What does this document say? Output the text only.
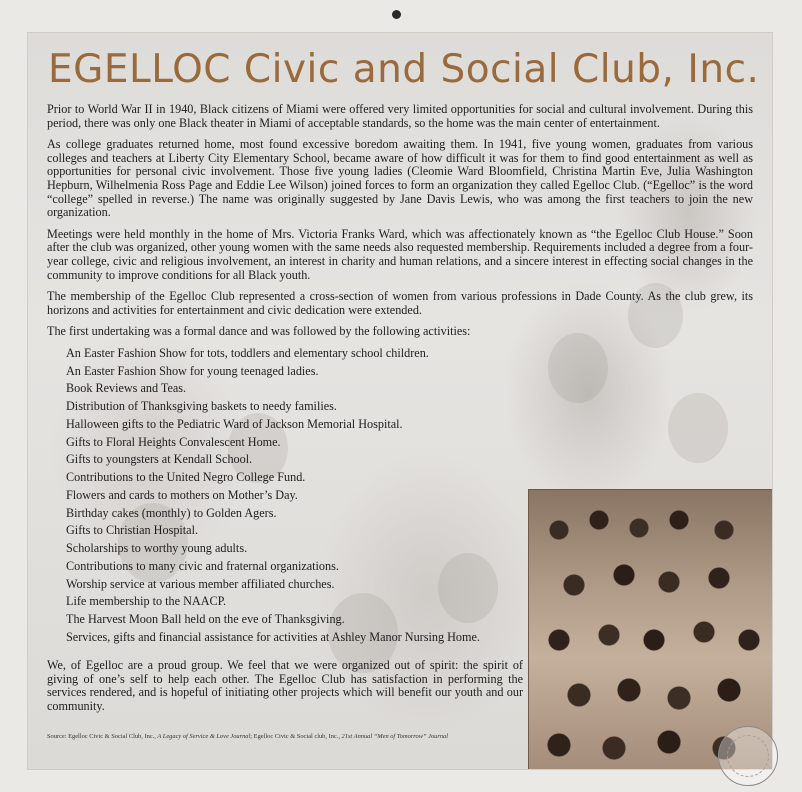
EGELLOC Civic and Social Club, Inc.

Prior to World War II in 1940, Black citizens of Miami were offered very limited opportunities for social and cultural involvement. During this period, there was only one Black theater in Miami of acceptable standards, so the home was the main center of entertainment.

As college graduates returned home, most found excessive boredom awaiting them. In 1941, five young women, graduates from various colleges and teachers at Liberty City Elementary School, became aware of how difficult it was for them to find good entertainment as well as opportunities for personal civic involvement. Those five young ladies (Cleomie Ward Bloomfield, Christina Martin Eve, Julia Washington Hepburn, Wilhelmenia Ross Page and Eddie Lee Wilson) joined forces to form an organization they called Egelloc Club. (“Egelloc” is the word “college” spelled in reverse.) The name was originally suggested by Jane Davis Lewis, who was among the first teachers to join the new organization.

Meetings were held monthly in the home of Mrs. Victoria Franks Ward, which was affectionately known as “the Egelloc Club House.” Soon after the club was organized, other young women with the same needs also requested membership. Requirements included a degree from a four-year college, civic and religious involvement, an interest in charity and human relations, and a sincere interest in effecting social changes in the community to improve conditions for all Black youth.

The membership of the Egelloc Club represented a cross-section of women from various professions in Dade County. As the club grew, its horizons and activities for entertainment and civic dedication were extended.

The first undertaking was a formal dance and was followed by the following activities:

An Easter Fashion Show for tots, toddlers and elementary school children.
An Easter Fashion Show for young teenaged ladies.
Book Reviews and Teas.
Distribution of Thanksgiving baskets to needy families.
Halloween gifts to the Pediatric Ward of Jackson Memorial Hospital.
Gifts to Floral Heights Convalescent Home.
Gifts to youngsters at Kendall School.
Contributions to the United Negro College Fund.
Flowers and cards to mothers on Mother’s Day.
Birthday cakes (monthly) to Golden Agers.
Gifts to Christian Hospital.
Scholarships to worthy young adults.
Contributions to many civic and fraternal organizations.
Worship service at various member affiliated churches.
Life membership to the NAACP.
The Harvest Moon Ball held on the eve of Thanksgiving.
Services, gifts and financial assistance for activities at Ashley Manor Nursing Home.

We, of Egelloc are a proud group. We feel that we were organized out of spirit: the spirit of giving of one’s self to help each other. The Egelloc Club has satisfaction in performing the services rendered, and is hopeful of initiating other projects which will benefit our youth and our community.

Source: Egelloc Civic & Social Club, Inc., A Legacy of Service & Love Journal; Egelloc Civic & Social club, Inc., 21st Annual “Men of Tomorrow” Journal
